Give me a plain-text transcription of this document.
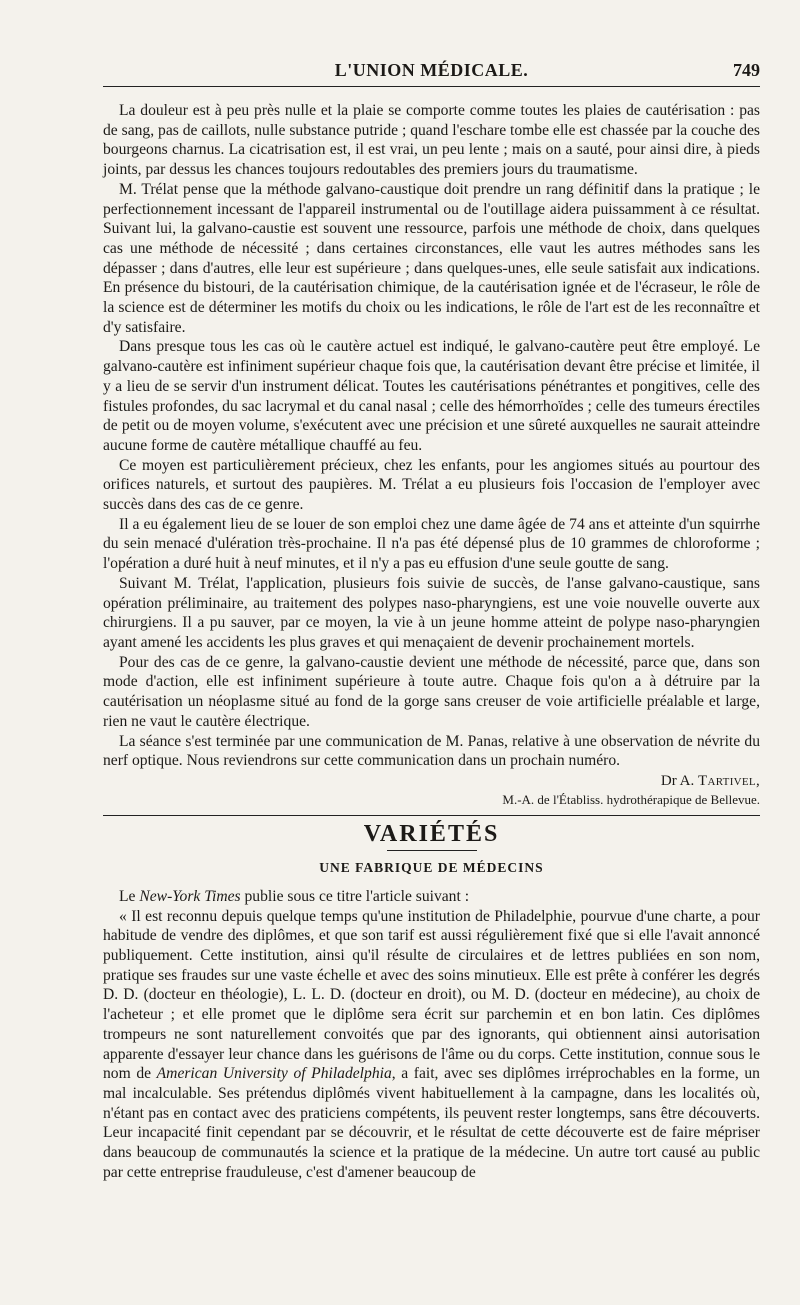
L'UNION MÉDICALE.	749

La douleur est à peu près nulle et la plaie se comporte comme toutes les plaies de cautérisation : pas de sang, pas de caillots, nulle substance putride ; quand l'eschare tombe elle est chassée par la couche des bourgeons charnus. La cicatrisation est, il est vrai, un peu lente ; mais on a sauté, pour ainsi dire, à pieds joints, par dessus les chances toujours redoutables des premiers jours du traumatisme.

M. Trélat pense que la méthode galvano-caustique doit prendre un rang définitif dans la pratique ; le perfectionnement incessant de l'appareil instrumental ou de l'outillage aidera puissamment à ce résultat. Suivant lui, la galvano-caustie est souvent une ressource, parfois une méthode de choix, dans quelques cas une méthode de nécessité ; dans certaines circonstances, elle vaut les autres méthodes sans les dépasser ; dans d'autres, elle leur est supérieure ; dans quelques-unes, elle seule satisfait aux indications. En présence du bistouri, de la cautérisation chimique, de la cautérisation ignée et de l'écraseur, le rôle de la science est de déterminer les motifs du choix ou les indications, le rôle de l'art est de les reconnaître et d'y satisfaire.

Dans presque tous les cas où le cautère actuel est indiqué, le galvano-cautère peut être employé. Le galvano-cautère est infiniment supérieur chaque fois que, la cautérisation devant être précise et limitée, il y a lieu de se servir d'un instrument délicat. Toutes les cautérisations pénétrantes et pongitives, celle des fistules profondes, du sac lacrymal et du canal nasal ; celle des hémorrhoïdes ; celle des tumeurs érectiles de petit ou de moyen volume, s'exécutent avec une précision et une sûreté auxquelles ne saurait atteindre aucune forme de cautère métallique chauffé au feu.

Ce moyen est particulièrement précieux, chez les enfants, pour les angiomes situés au pourtour des orifices naturels, et surtout des paupières. M. Trélat a eu plusieurs fois l'occasion de l'employer avec succès dans des cas de ce genre.

Il a eu également lieu de se louer de son emploi chez une dame âgée de 74 ans et atteinte d'un squirrhe du sein menacé d'ulération très-prochaine. Il n'a pas été dépensé plus de 10 grammes de chloroforme ; l'opération a duré huit à neuf minutes, et il n'y a pas eu effusion d'une seule goutte de sang.

Suivant M. Trélat, l'application, plusieurs fois suivie de succès, de l'anse galvano-caustique, sans opération préliminaire, au traitement des polypes naso-pharyngiens, est une voie nouvelle ouverte aux chirurgiens. Il a pu sauver, par ce moyen, la vie à un jeune homme atteint de polype naso-pharyngien ayant amené les accidents les plus graves et qui menaçaient de devenir prochainement mortels.

Pour des cas de ce genre, la galvano-caustie devient une méthode de nécessité, parce que, dans son mode d'action, elle est infiniment supérieure à toute autre. Chaque fois qu'on a à détruire par la cautérisation un néoplasme situé au fond de la gorge sans creuser de voie artificielle préalable et large, rien ne vaut le cautère électrique.

La séance s'est terminée par une communication de M. Panas, relative à une observation de névrite du nerf optique. Nous reviendrons sur cette communication dans un prochain numéro.

Dr A. Tartivel,
M.-A. de l'Établiss. hydrothérapique de Bellevue.
VARIÉTÉS
UNE FABRIQUE DE MÉDECINS

Le New-York Times publie sous ce titre l'article suivant :

« Il est reconnu depuis quelque temps qu'une institution de Philadelphie, pourvue d'une charte, a pour habitude de vendre des diplômes, et que son tarif est aussi régulièrement fixé que si elle l'avait annoncé publiquement. Cette institution, ainsi qu'il résulte de circulaires et de lettres publiées en son nom, pratique ses fraudes sur une vaste échelle et avec des soins minutieux. Elle est prête à conférer les degrés D. D. (docteur en théologie), L. L. D. (docteur en droit), ou M. D. (docteur en médecine), au choix de l'acheteur ; et elle promet que le diplôme sera écrit sur parchemin et en bon latin. Ces diplômes trompeurs ne sont naturellement convoités que par des ignorants, qui obtiennent ainsi autorisation apparente d'essayer leur chance dans les guérisons de l'âme ou du corps. Cette institution, connue sous le nom de American University of Philadelphia, a fait, avec ses diplômes irréprochables en la forme, un mal incalculable. Ses prétendus diplômés vivent habituellement à la campagne, dans les localités où, n'étant pas en contact avec des praticiens compétents, ils peuvent rester longtemps, sans être découverts. Leur incapacité finit cependant par se découvrir, et le résultat de cette découverte est de faire mépriser dans beaucoup de communautés la science et la pratique de la médecine. Un autre tort causé au public par cette entreprise frauduleuse, c'est d'amener beaucoup de
